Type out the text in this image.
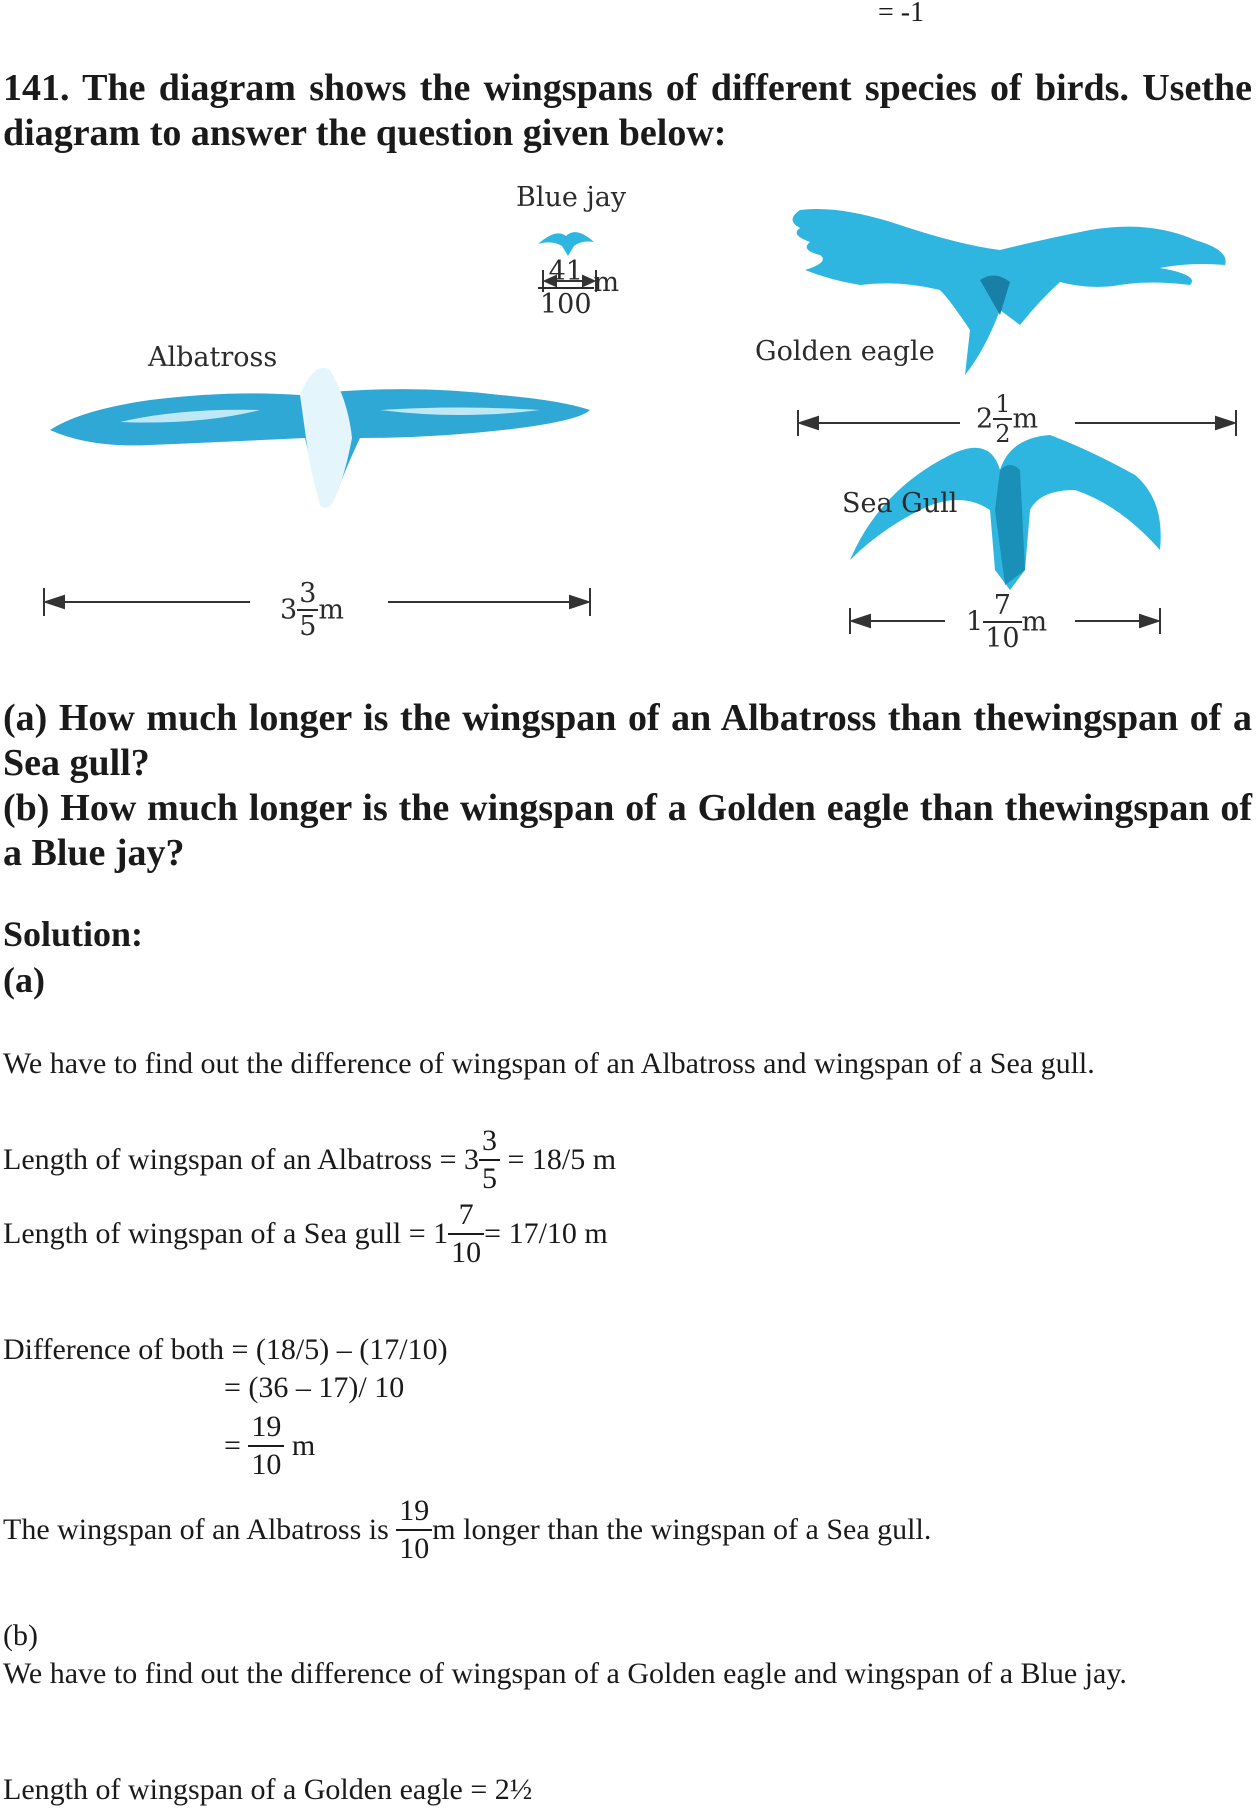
= -1
141. The diagram shows the wingspans of different species of birds. Usethe diagram to answer the question given below:
Blue jay
$\frac{41}{100}$ m
Golden eagle
$2 \frac{1}{2}$ m
Albatross
$3 \frac{3}{5}$ m
Sea Gull
$1 \frac{7}{10}$ m
(a) How much longer is the wingspan of an Albatross than thewingspan of a Sea gull?
(b) How much longer is the wingspan of a Golden eagle than thewingspan of a Blue jay?
Solution:
(a)
We have to find out the difference of wingspan of an Albatross and wingspan of a Sea gull.
Length of wingspan of an Albatross = $3 \frac{3}{5} = 18/5$ m
Length of wingspan of a Sea gull = $1 \frac{7}{10} = 17/10$ m
Difference of both = (18/5) – (17/10)
= (36 – 17)/ 10
= $\frac{19}{10}$ m
The wingspan of an Albatross is $\frac{19}{10}$ m longer than the wingspan of a Sea gull.
(b)
We have to find out the difference of wingspan of a Golden eagle and wingspan of a Blue jay.
Length of wingspan of a Golden eagle = 2½
